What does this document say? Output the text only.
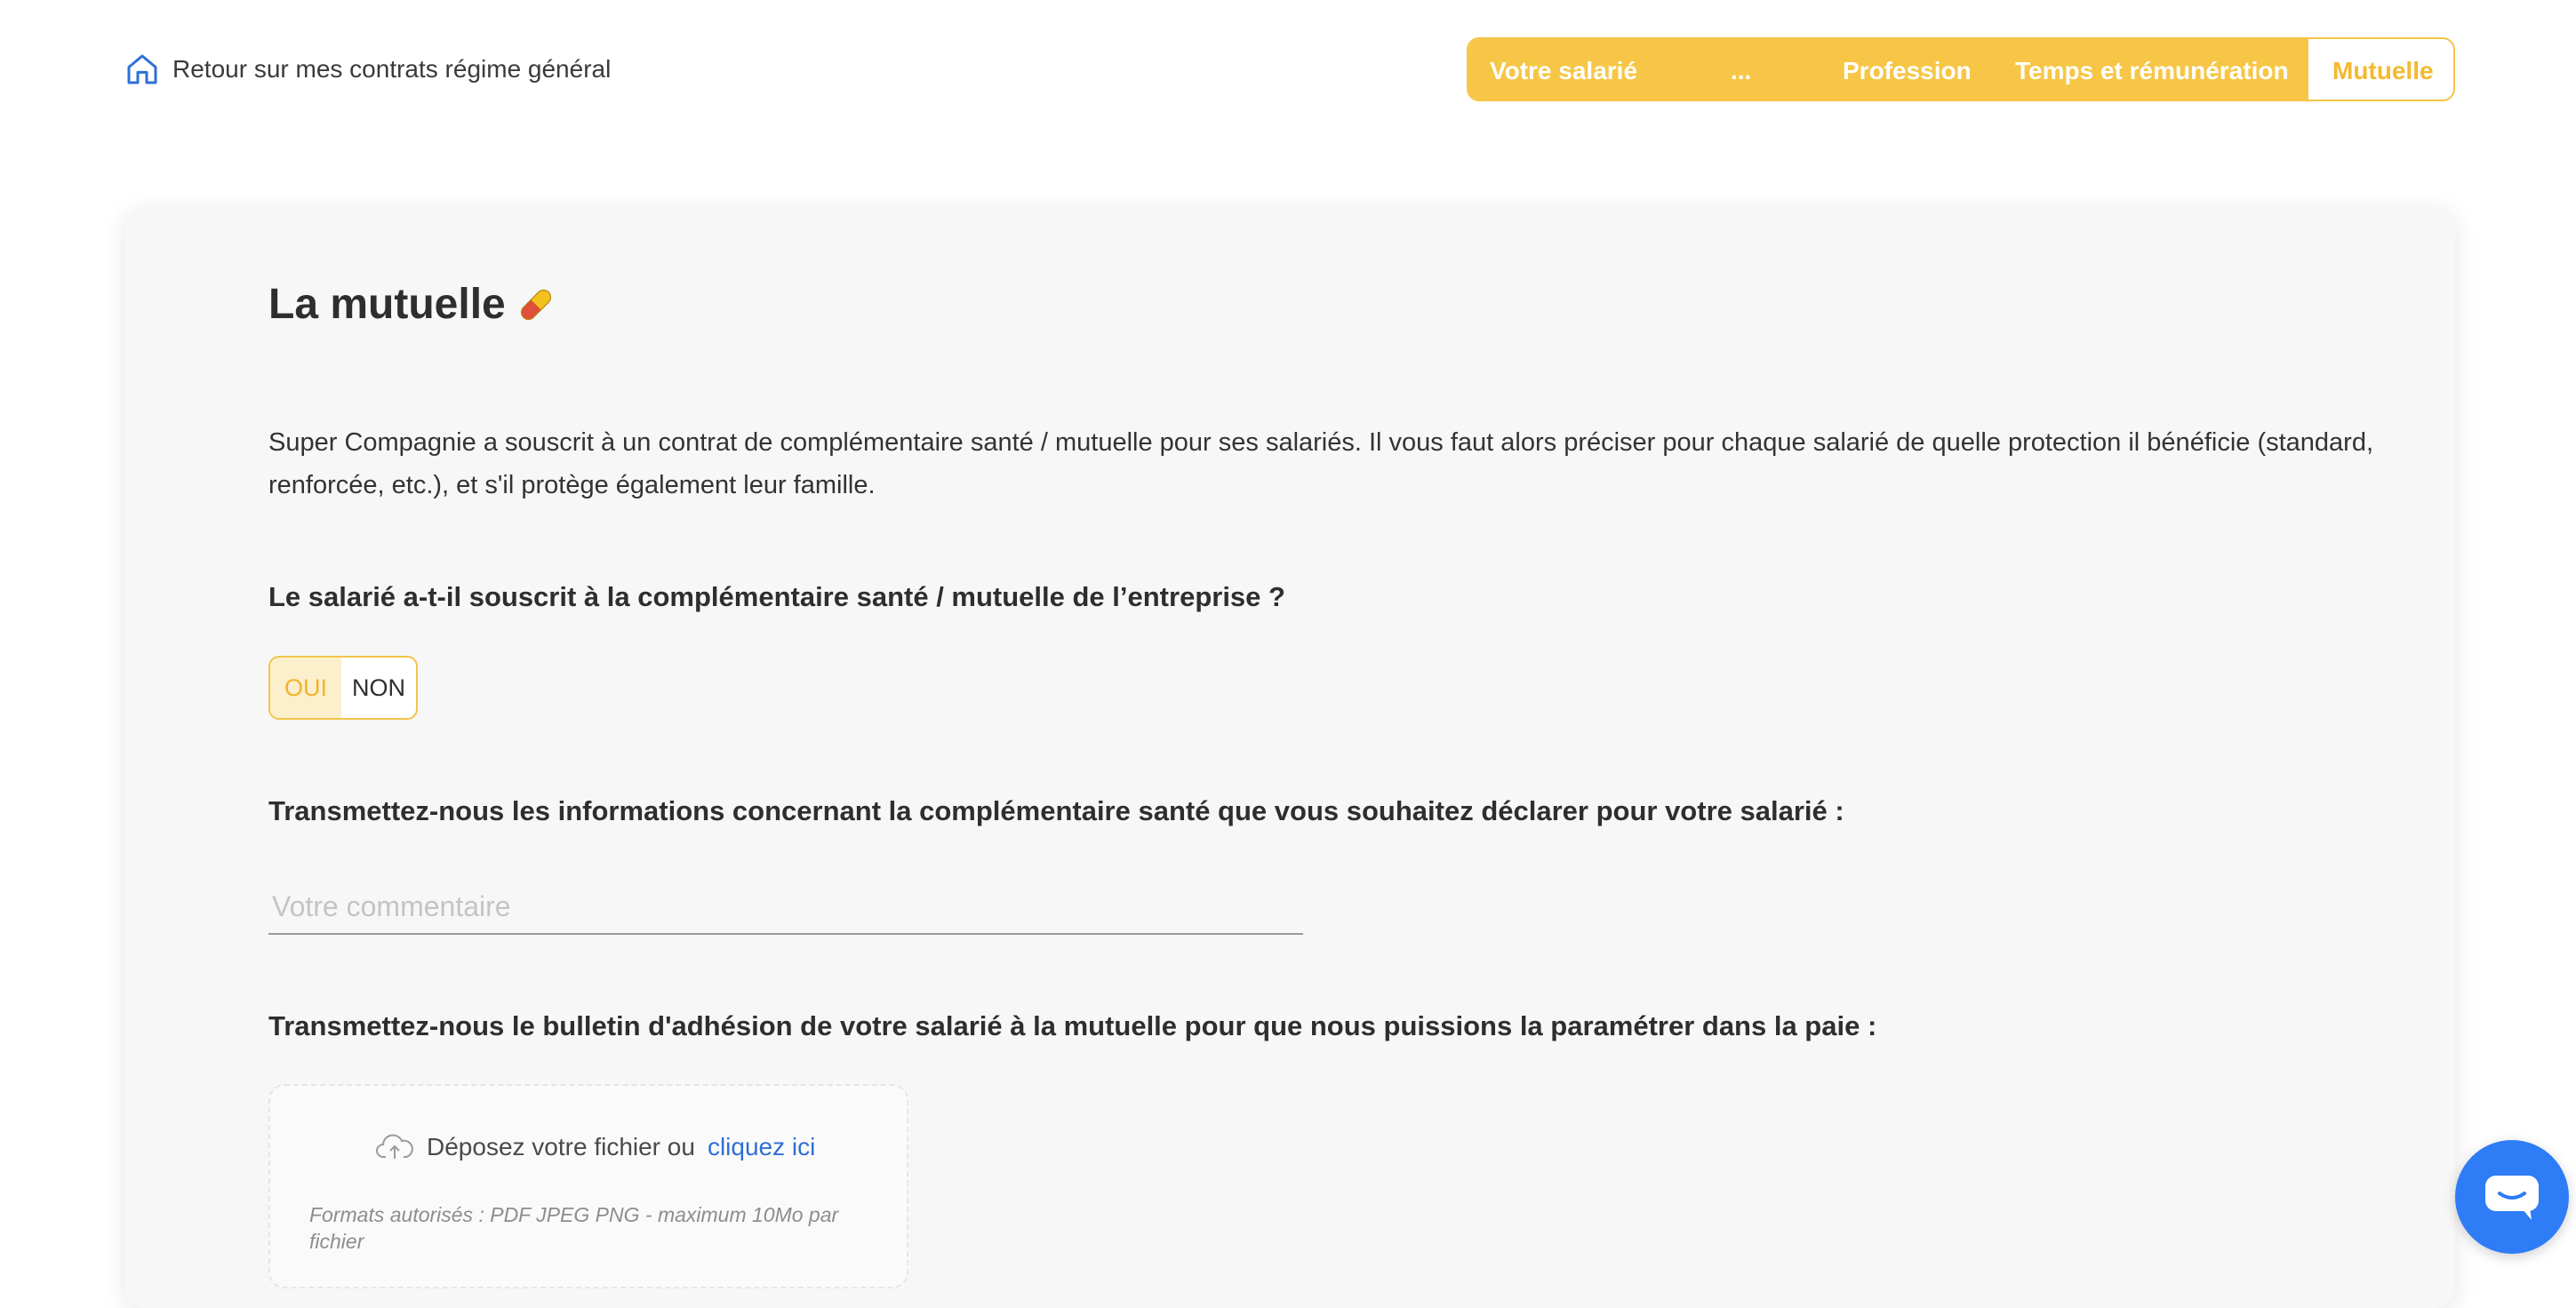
Retour sur mes contrats régime général	Votre salarié	...	Profession Temps et rémunération Mutuelle
La mutuelle

Super Compagnie a souscrit à un contrat de complémentaire santé / mutuelle pour ses salariés. Il vous faut alors préciser pour chaque salarié de quelle protection il bénéficie (standard, renforcée, etc.), et s'il protège également leur famille.

Le salarié a-t-il souscrit à la complémentaire santé / mutuelle de l’entreprise ?
OUI	NON
Transmettez-nous les informations concernant la complémentaire santé que vous souhaitez déclarer pour votre salarié :
Votre commentaire
Transmettez-nous le bulletin d'adhésion de votre salarié à la mutuelle pour que nous puissions la paramétrer dans la paie :
Déposez votre fichier ou cliquez ici
Formats autorisés : PDF JPEG PNG - maximum 10Mo par fichier
